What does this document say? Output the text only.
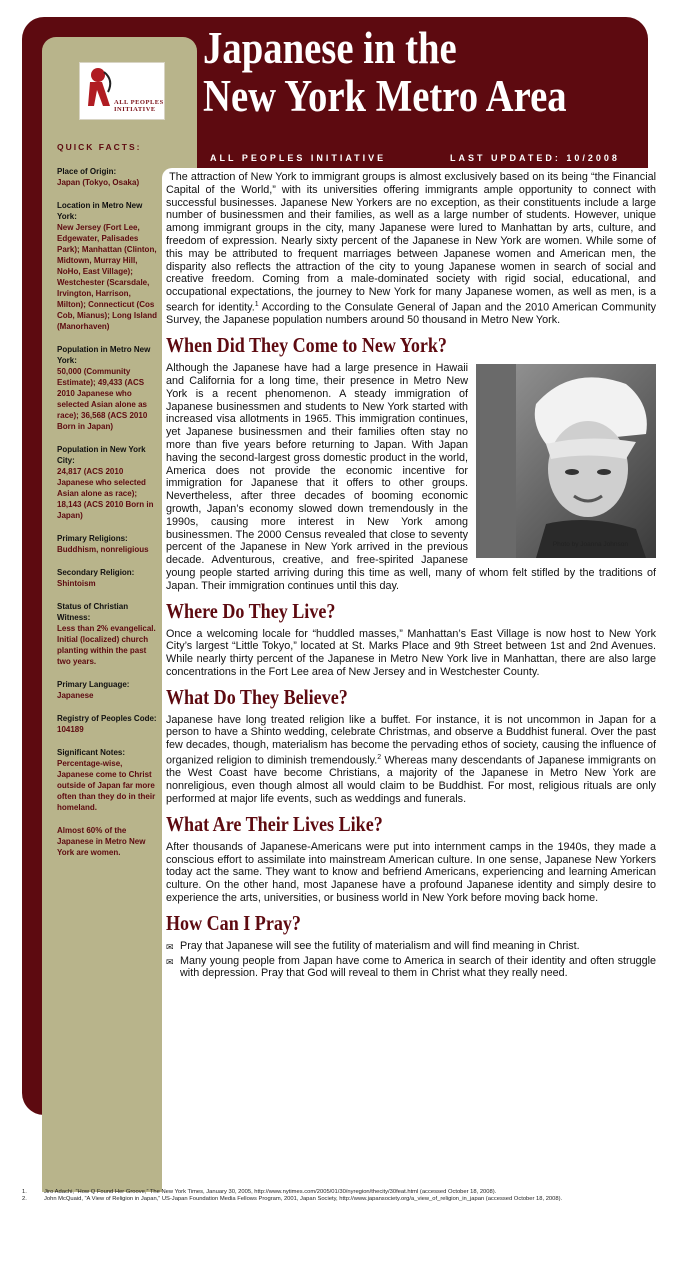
ALL PEOPLES
INITIATIVE
Japanese in the
New York Metro Area
ALL PEOPLES INITIATIVE	LAST UPDATED: 10/2008
QUICK FACTS:
Place of Origin:
Japan (Tokyo, Osaka)
Location in Metro New York:
New Jersey (Fort Lee, Edgewater, Palisades Park); Manhattan (Clinton, Midtown, Murray Hill, NoHo, East Village); Westchester (Scarsdale, Irvington, Harrison, Milton); Connecticut (Cos Cob, Mianus); Long Island (Manorhaven)
Population in Metro New York:
50,000 (Community Estimate); 49,433 (ACS 2010 Japanese who selected Asian alone as race); 36,568 (ACS 2010 Born in Japan)
Population in New York City:
24,817 (ACS 2010 Japanese who selected Asian alone as race); 18,143 (ACS 2010 Born in Japan)
Primary Religions:
Buddhism, nonreligious
Secondary Religion:
Shintoism
Status of Christian Witness:
Less than 2% evangelical. Initial (localized) church planting within the past two years.
Primary Language:
Japanese
Registry of Peoples Code:
104189
Significant Notes:
Percentage-wise, Japanese come to Christ outside of Japan far more often than they do in their homeland.
Almost 60% of the Japanese in Metro New York are women.

The attraction of New York to immigrant groups is almost exclusively based on its being “the Financial Capital of the World,” with its universities offering immigrants ample opportunity to connect with successful businesses. Japanese New Yorkers are no exception, as their constituents include a large number of businessmen and their families, as well as a large number of students. However, unique among immigrant groups in the city, many Japanese were lured to Manhattan by arts, culture, and freedom of expression. Nearly sixty percent of the Japanese in New York are women. While some of this may be attributed to frequent marriages between Japanese women and American men, the disparity also reflects the attraction of the city to young Japanese women in search of social and creative freedom. Coming from a male-dominated society with rigid social, educational, and occupational expectations, the journey to New York for many Japanese women, as well as men, is a search for identity.$^1$ According to the Consulate General of Japan and the 2010 American Community Survey, the Japanese population numbers around 50 thousand in Metro New York.

When Did They Come to New York?
Photo by Joanna Johnson

Although the Japanese have had a large presence in Hawaii and California for a long time, their presence in Metro New York is a recent phenomenon. A steady immigration of Japanese businessmen and students to New York started with increased visa allotments in 1965. This immigration continues, yet Japanese businessmen and their families often stay no more than five years before returning to Japan. With Japan having the second-largest gross domestic product in the world, America does not provide the economic incentive for immigration for Japanese that it offers to other groups. Nevertheless, after three decades of booming economic growth, Japan’s economy slowed down tremendously in the 1990s, causing more interest in New York among businessmen. The 2000 Census revealed that close to seventy percent of the Japanese in New York arrived in the previous decade. Adventurous, creative, and free-spirited Japanese young people started arriving during this time as well, many of whom felt stifled by the traditions of Japan. Their immigration continues until this day.

Where Do They Live?

Once a welcoming locale for “huddled masses,” Manhattan’s East Village is now host to New York City’s largest “Little Tokyo,” located at St. Marks Place and 9th Street between 1st and 2nd Avenues. While nearly thirty percent of the Japanese in Metro New York live in Manhattan, there are also large concentrations in the Fort Lee area of New Jersey and in Westchester County.

What Do They Believe?

Japanese have long treated religion like a buffet. For instance, it is not uncommon in Japan for a person to have a Shinto wedding, celebrate Christmas, and observe a Buddhist funeral. Over the past few decades, though, materialism has become the pervading ethos of society, causing the influence of organized religion to diminish tremendously.$^2$ Whereas many descendants of Japanese immigrants on the West Coast have become Christians, a majority of the Japanese in Metro New York are nonreligious, even though almost all would claim to be Buddhist. For most, religious rituals are only performed at major life events, such as weddings and funerals.

What Are Their Lives Like?

After thousands of Japanese-Americans were put into internment camps in the 1940s, they made a conscious effort to assimilate into mainstream American culture. In one sense, Japanese New Yorkers today act the same. They want to know and befriend Americans, experiencing and learning American culture. On the other hand, most Japanese have a profound Japanese identity and simply desire to experience the arts, universities, or business world in New York before moving back home.

How Can I Pray?
✉ Pray that Japanese will see the futility of materialism and will find meaning in Christ.
✉ Many young people from Japan have come to America in search of their identity and often struggle with depression. Pray that God will reveal to them in Christ what they really need.
1.	Jiro Adachi, “How Q Found Her Groove,” The New York Times, January 30, 2005, http://www.nytimes.com/2005/01/30/nyregion/thecity/30feat.html (accessed October 18, 2008).
2.	John McQuaid, “A View of Religion in Japan,” US-Japan Foundation Media Fellows Program, 2001, Japan Society, http://www.japansociety.org/a_view_of_religion_in_japan (accessed October 18, 2008).
